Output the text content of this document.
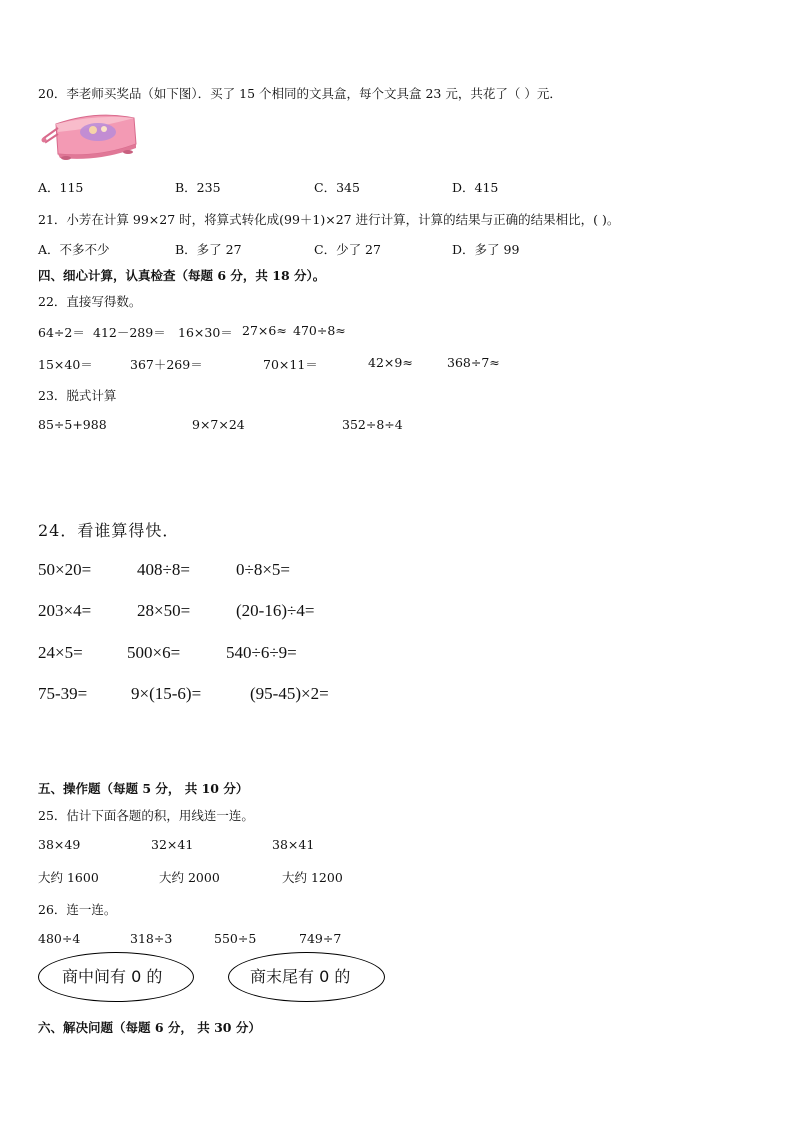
20．李老师买奖品（如下图）．买了 15 个相同的文具盒，每个文具盒 23 元，共花了（ ）元．
A．115	B．235	C．345	D．415
21．小芳在计算 99×27 时，将算式转化成(99＋1)×27 进行计算，计算的结果与正确的结果相比，( )。
A．不多不少	B．多了 27	C．少了 27	D．多了 99
四、细心计算，认真检查（每题 6 分，共 18 分）。
22．直接写得数。
64÷2＝ 412－289＝ 16×30＝ 27×6≈ 470÷8≈
15×40＝	367＋269＝	70×11＝	42×9≈	368÷7≈
23．脱式计算
85÷5+988	9×7×24	352÷8÷4
24．看谁算得快．
50×20=	408÷8=	0÷8×5=
203×4=	28×50=	(20-16)÷4=
24×5=	500×6=	540÷6÷9=
75-39=	9×(15-6)=	(95-45)×2=
五、操作题（每题 5 分， 共 10 分）
25．估计下面各题的积，用线连一连。
38×49	32×41	38×41
大约 1600	大约 2000	大约 1200
26．连一连。
480÷4	318÷3	550÷5	749÷7
商中间有 0 的	商末尾有 0 的
六、解决问题（每题 6 分， 共 30 分）
